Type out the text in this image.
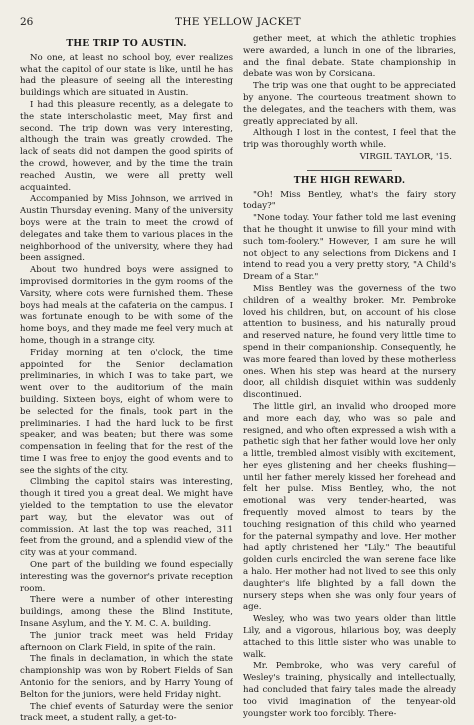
26	THE YELLOW JACKET
THE TRIP TO AUSTIN.

No one, at least no school boy, ever realizes what the capitol of our state is like, until he has had the pleasure of seeing all the interesting buildings which are situated in Austin.

I had this pleasure recently, as a delegate to the state interscholastic meet, May first and second. The trip down was very interesting, although the train was greatly crowded. The lack of seats did not dampen the good spirits of the crowd, however, and by the time the train reached Austin, we were all pretty well acquainted.

Accompanied by Miss Johnson, we arrived in Austin Thursday evening. Many of the university boys were at the train to meet the crowd of delegates and take them to various places in the neighborhood of the university, where they had been assigned.

About two hundred boys were assigned to improvised dormitories in the gym rooms of the Varsity, where cots were furnished them. These boys had meals at the cafateria on the campus. I was fortunate enough to be with some of the home boys, and they made me feel very much at home, though in a strange city.

Friday morning at ten o'clock, the time appointed for the Senior declamation preliminaries, in which I was to take part, we went over to the auditorium of the main building. Sixteen boys, eight of whom were to be selected for the finals, took part in the preliminaries. I had the hard luck to be first speaker, and was beaten; but there was some compensation in feeling that for the rest of the time I was free to enjoy the good events and to see the sights of the city.

Climbing the capitol stairs was interesting, though it tired you a great deal. We might have yielded to the temptation to use the elevator part way, but the elevator was out of commission. At last the top was reached, 311 feet from the ground, and a splendid view of the city was at your command.

One part of the building we found especially interesting was the governor's private reception room.

There were a number of other interesting buildings, among these the Blind Institute, Insane Asylum, and the Y. M. C. A. building.

The junior track meet was held Friday afternoon on Clark Field, in spite of the rain.

The finals in declamation, in which the state championship was won by Robert Fields of San Antonio for the seniors, and by Harry Young of Belton for the juniors, were held Friday night.

The chief events of Saturday were the senior track meet, a student rally, a get-to-

gether meet, at which the athletic trophies were awarded, a lunch in one of the libraries, and the final debate. State championship in debate was won by Corsicana.

The trip was one that ought to be appreciated by anyone. The courteous treatment shown to the delegates, and the teachers with them, was greatly appreciated by all.

Although I lost in the contest, I feel that the trip was thoroughly worth while.

VIRGIL TAYLOR, '15.

THE HIGH REWARD.

"Oh! Miss Bentley, what's the fairy story today?"

"None today. Your father told me last evening that he thought it unwise to fill your mind with such tom-foolery." However, I am sure he will not object to any selections from Dickens and I intend to read you a very pretty story, "A Child's Dream of a Star."

Miss Bentley was the governess of the two children of a wealthy broker. Mr. Pembroke loved his children, but, on account of his close attention to business, and his naturally proud and reserved nature, he found very little time to spend in their companionship. Consequently, he was more feared than loved by these motherless ones. When his step was heard at the nursery door, all childish disquiet within was suddenly discontinued.

The little girl, an invalid who drooped more and more each day, who was so pale and resigned, and who often expressed a wish with a pathetic sigh that her father would love her only a little, trembled almost visibly with excitement, her eyes glistening and her cheeks flushing—until her father merely kissed her forehead and felt her pulse. Miss Bentley, who, the not emotional was very tender-hearted, was frequently moved almost to tears by the touching resignation of this child who yearned for the paternal sympathy and love. Her mother had aptly christened her "Lily." The beautiful golden curls encircled the wan serene face like a halo. Her mother had not lived to see this only daughter's life blighted by a fall down the nursery steps when she was only four years of age.

Wesley, who was two years older than little Lily, and a vigorous, hilarious boy, was deeply attached to this little sister who was unable to walk.

Mr. Pembroke, who was very careful of Wesley's training, physically and intellectually, had concluded that fairy tales made the already too vivid imagination of the tenyear-old youngster work too forcibly. There-
